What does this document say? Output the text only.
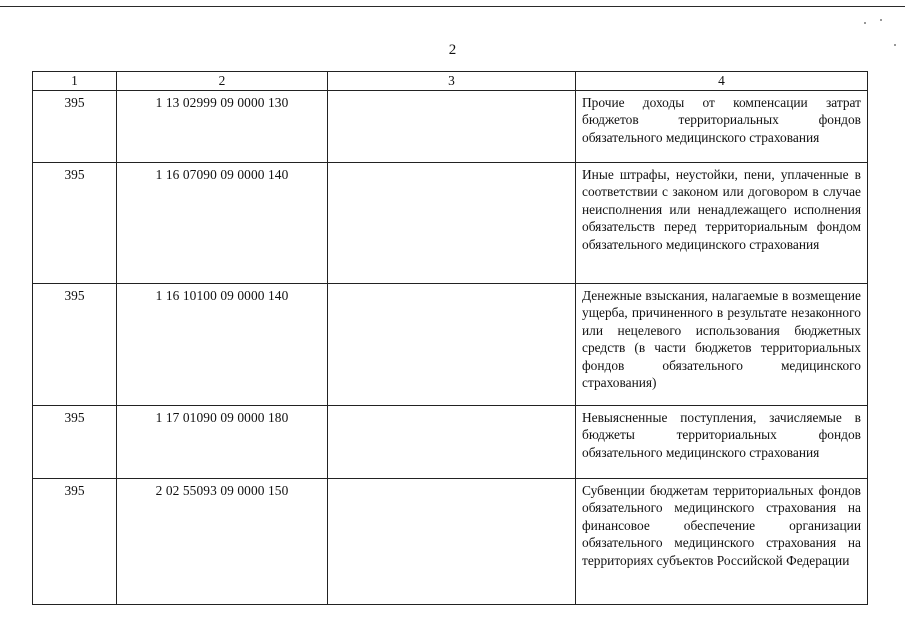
2
1	2	3	4
395	1 13 02999 09 0000 130		Прочие доходы от компенсации затрат бюджетов территориальных фондов обязательного медицинского страхования
395	1 16 07090 09 0000 140		Иные штрафы, неустойки, пени, уплаченные в соответствии с законом или договором в случае неисполнения или ненадлежащего исполнения обязательств перед территориальным фондом обязательного медицинского страхования
395	1 16 10100 09 0000 140		Денежные взыскания, налагаемые в возмещение ущерба, причиненного в результате незаконного или нецелевого использования бюджетных средств (в части бюджетов территориальных фондов обязательного медицинского страхования)
395	1 17 01090 09 0000 180		Невыясненные поступления, зачисляемые в бюджеты территориальных фондов обязательного медицинского страхования
395	2 02 55093 09 0000 150		Субвенции бюджетам территориальных фондов обязательного медицинского страхования на финансовое обеспечение организации обязательного медицинского страхования на территориях субъектов Российской Федерации
